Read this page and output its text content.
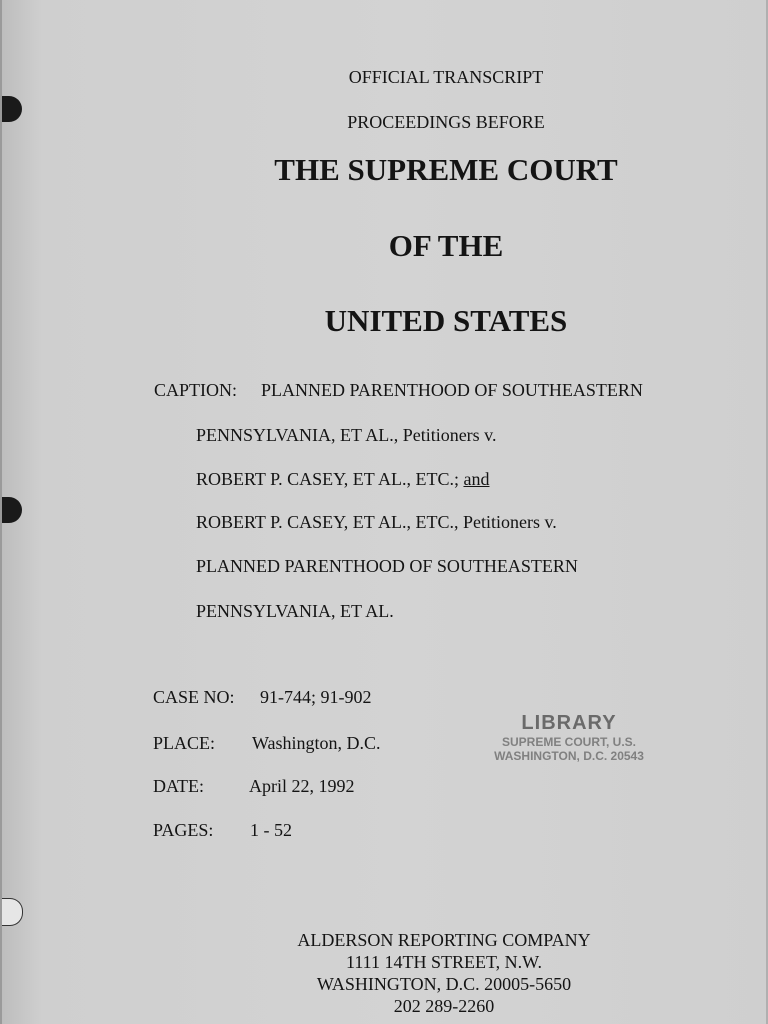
OFFICIAL TRANSCRIPT
PROCEEDINGS BEFORE
THE SUPREME COURT
OF THE
UNITED STATES
CAPTION: PLANNED PARENTHOOD OF SOUTHEASTERN
PENNSYLVANIA, ET AL., Petitioners v.
ROBERT P. CASEY, ET AL., ETC.; and
ROBERT P. CASEY, ET AL., ETC., Petitioners v.
PLANNED PARENTHOOD OF SOUTHEASTERN
PENNSYLVANIA, ET AL.
CASE NO: 91-744; 91-902
PLACE: Washington, D.C.
DATE:	April 22, 1992
PAGES: 1 - 52
LIBRARY
SUPREME COURT, U.S.
WASHINGTON, D.C. 20543
ALDERSON REPORTING COMPANY
1111 14TH STREET, N.W.
WASHINGTON, D.C. 20005-5650
202 289-2260
